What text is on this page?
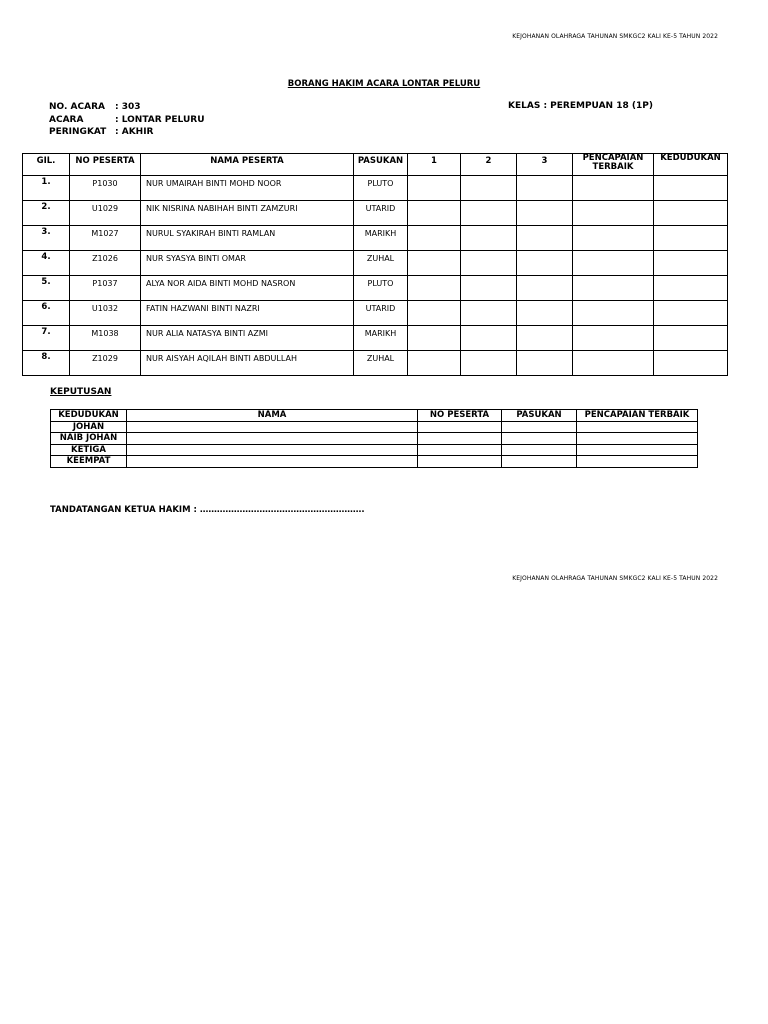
KEJOHANAN OLAHRAGA TAHUNAN SMKGC2 KALI KE-5 TAHUN 2022
BORANG HAKIM ACARA LONTAR PELURU
NO. ACARA	: 303
ACARA	: LONTAR PELURU
PERINGKAT : AKHIR
KELAS : PEREMPUAN 18 (1P)
GIL.	NO PESERTA	NAMA PESERTA	PASUKAN	1	2	3	PENCAPAIAN TERBAIK	KEDUDUKAN
1.	P1030	NUR UMAIRAH BINTI MOHD NOOR	PLUTO					
2.	U1029	NIK NISRINA NABIHAH BINTI ZAMZURI	UTARID					
3.	M1027	NURUL SYAKIRAH BINTI RAMLAN	MARIKH					
4.	Z1026	NUR SYASYA BINTI OMAR	ZUHAL					
5.	P1037	ALYA NOR AIDA BINTI MOHD NASRON	PLUTO					
6.	U1032	FATIN HAZWANI BINTI NAZRI	UTARID					
7.	M1038	NUR ALIA NATASYA BINTI AZMI	MARIKH					
8.	Z1029	NUR AISYAH AQILAH BINTI ABDULLAH	ZUHAL					
KEPUTUSAN
KEDUDUKAN	NAMA	NO PESERTA	PASUKAN	PENCAPAIAN TERBAIK
JOHAN				
NAIB JOHAN				
KETIGA				
KEEMPAT				
TANDATANGAN KETUA HAKIM : ………………………………………………….
KEJOHANAN OLAHRAGA TAHUNAN SMKGC2 KALI KE-5 TAHUN 2022
